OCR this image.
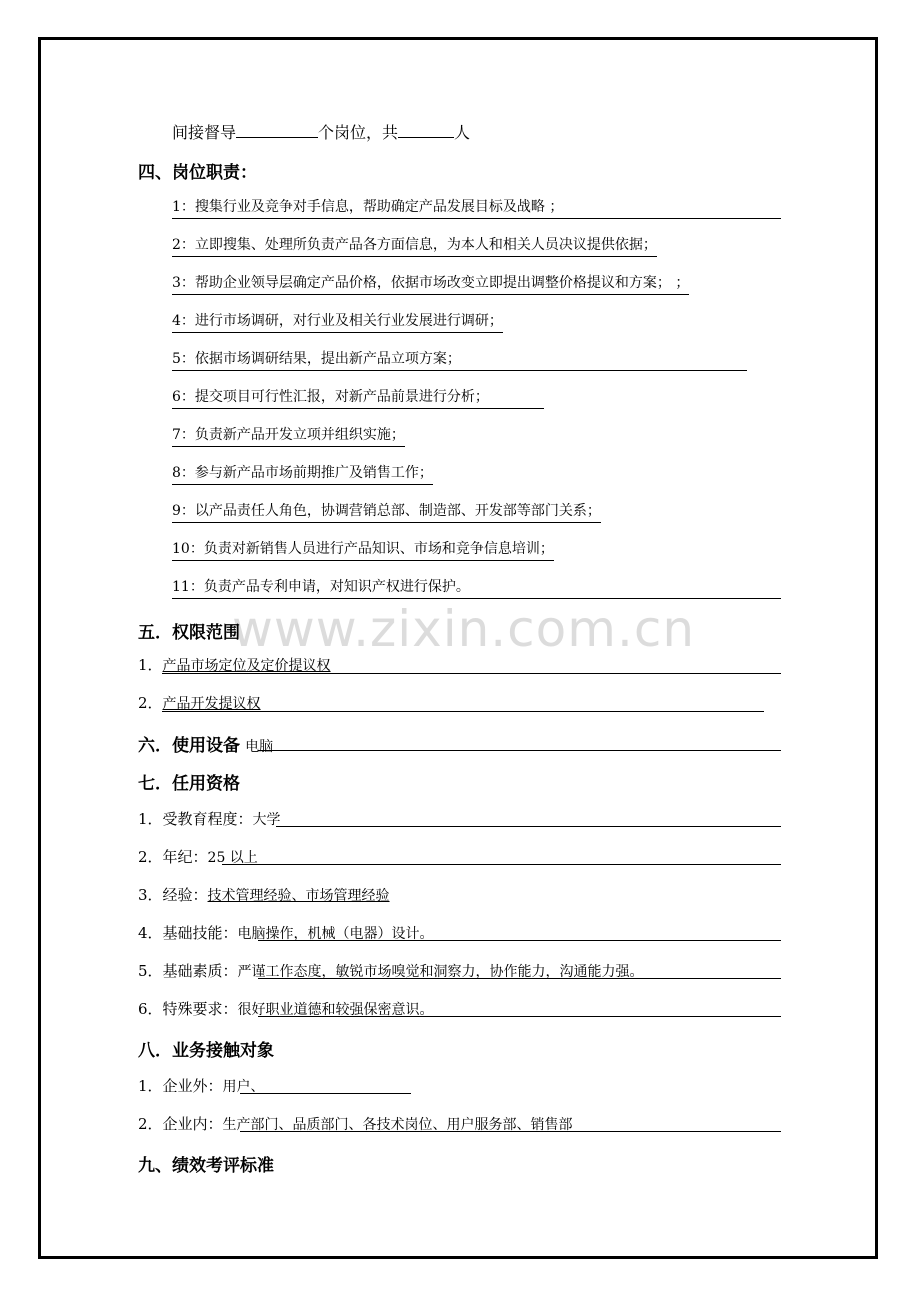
www.zixin.com.cn
间接督导	个岗位，共	人
四、岗位职责：
1：搜集行业及竞争对手信息，帮助确定产品发展目标及战略 ；
2：立即搜集、处理所负责产品各方面信息，为本人和相关人员决议提供依据；
3：帮助企业领导层确定产品价格，依据市场改变立即提出调整价格提议和方案； ；
4：进行市场调研，对行业及相关行业发展进行调研；
5：依据市场调研结果，提出新产品立项方案；
6：提交项目可行性汇报，对新产品前景进行分析；
7：负责新产品开发立项并组织实施；
8：参与新产品市场前期推广及销售工作；
9：以产品责任人角色，协调营销总部、制造部、开发部等部门关系；
10：负责对新销售人员进行产品知识、市场和竞争信息培训；
11：负责产品专利申请，对知识产权进行保护。
五．权限范围
1．产品市场定位及定价提议权
2．产品开发提议权
六．使用设备 电脑
七．任用资格
1．受教育程度：大学
2．年纪：25 以上
3．经验：技术管理经验、市场管理经验
4．基础技能：电脑操作，机械（电器）设计。
5．基础素质：严谨工作态度，敏锐市场嗅觉和洞察力，协作能力，沟通能力强。
6．特殊要求：很好职业道德和较强保密意识。
八．业务接触对象
1．企业外：用户、
2．企业内：生产部门、品质部门、各技术岗位、用户服务部、销售部
九、绩效考评标准
